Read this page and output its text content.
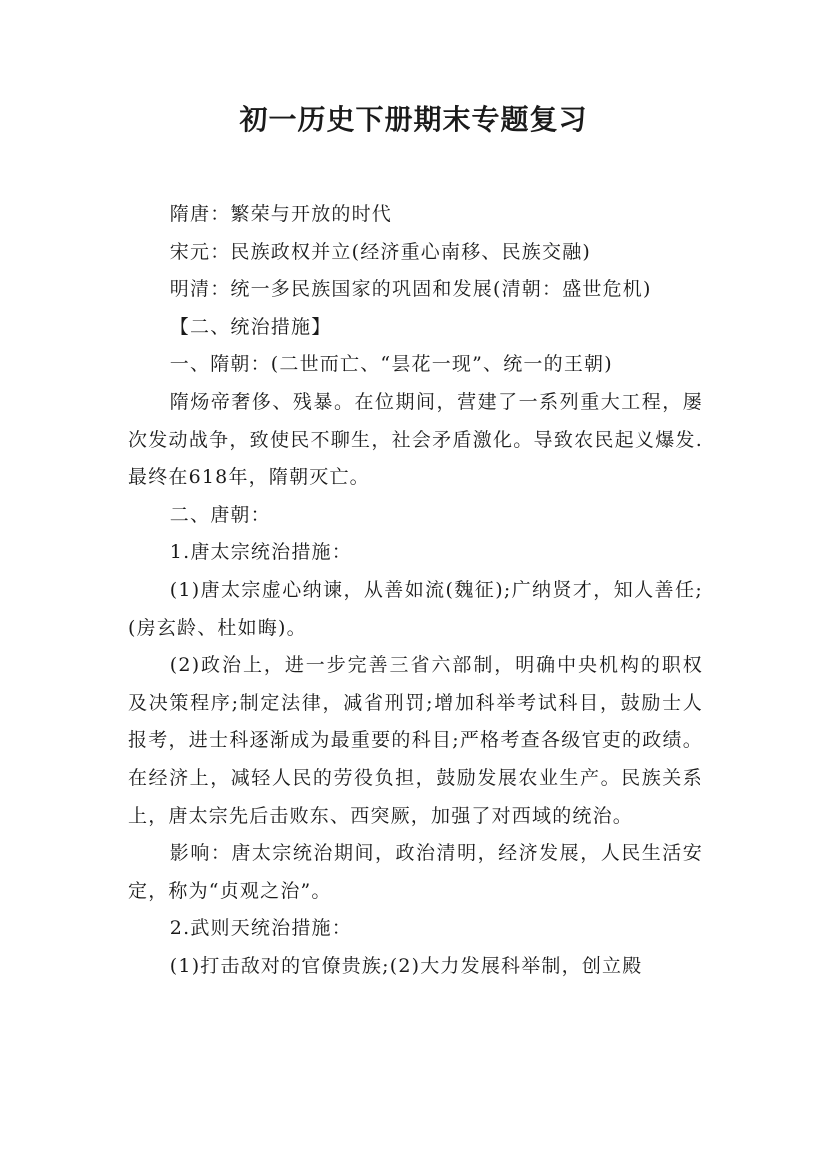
初一历史下册期末专题复习

隋唐：繁荣与开放的时代

宋元：民族政权并立(经济重心南移、民族交融)

明清：统一多民族国家的巩固和发展(清朝：盛世危机)

【二、统治措施】

一、隋朝：(二世而亡、“昙花一现”、统一的王朝)

隋炀帝奢侈、残暴。在位期间，营建了一系列重大工程，屡次发动战争，致使民不聊生，社会矛盾激化。导致农民起义爆发.最终在618年，隋朝灭亡。

二、唐朝：

1.唐太宗统治措施：

(1)唐太宗虚心纳谏，从善如流(魏征);广纳贤才，知人善任;(房玄龄、杜如晦)。

(2)政治上，进一步完善三省六部制，明确中央机构的职权及决策程序;制定法律，减省刑罚;增加科举考试科目，鼓励士人报考，进士科逐渐成为最重要的科目;严格考查各级官吏的政绩。在经济上，减轻人民的劳役负担，鼓励发展农业生产。民族关系上，唐太宗先后击败东、西突厥，加强了对西域的统治。

影响：唐太宗统治期间，政治清明，经济发展，人民生活安定，称为“贞观之治”。

2.武则天统治措施：

(1)打击敌对的官僚贵族;(2)大力发展科举制，创立殿
